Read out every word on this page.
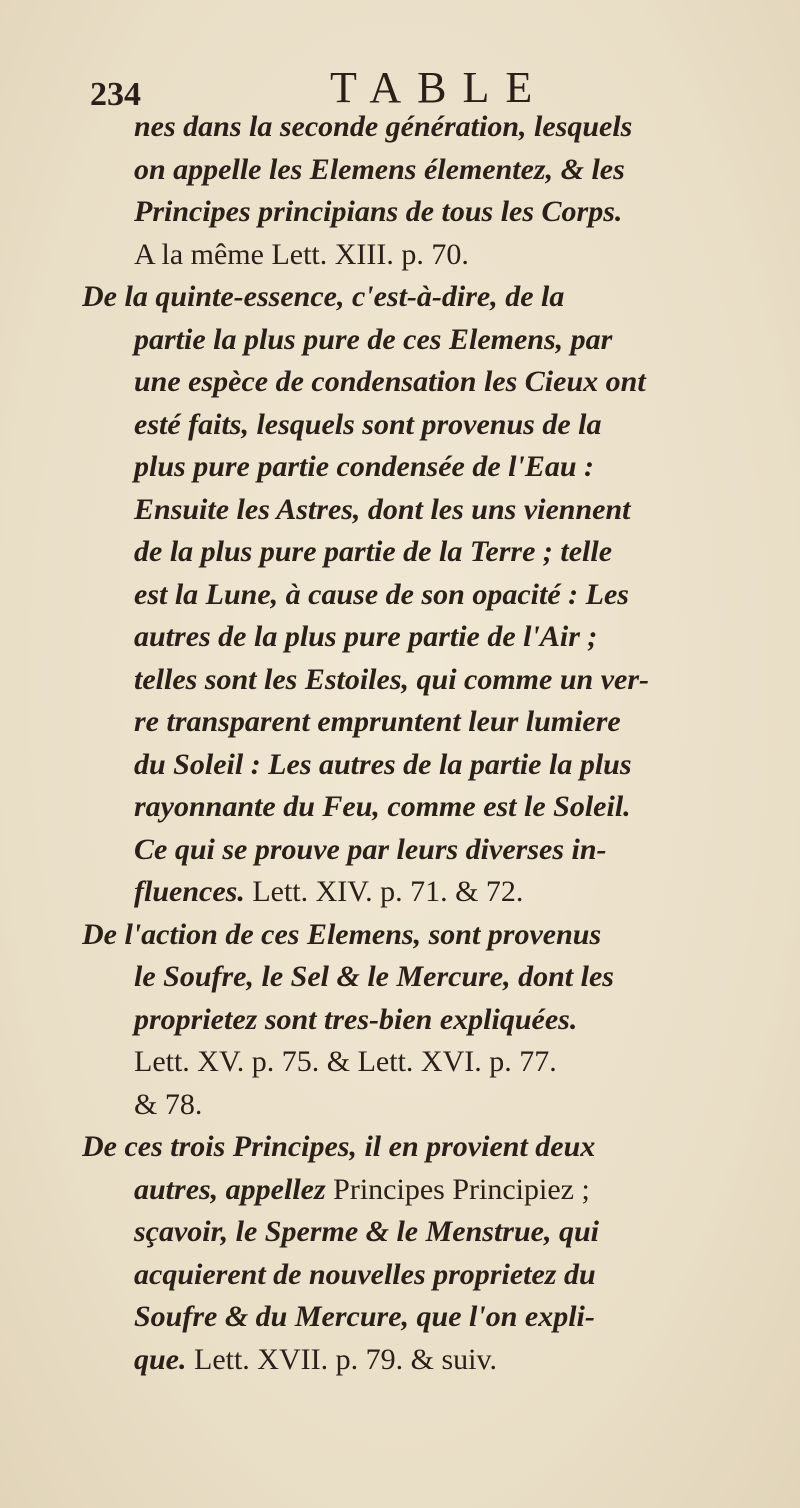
234	TABLE
nes dans la seconde génération, lesquels
on appelle les Elemens élementez, & les
Principes principians de tous les Corps.
A la même Lett. XIII. p. 70.
De la quinte-essence, c'est-à-dire, de la
partie la plus pure de ces Elemens, par
une espèce de condensation les Cieux ont
esté faits, lesquels sont provenus de la
plus pure partie condensée de l'Eau :
Ensuite les Astres, dont les uns viennent
de la plus pure partie de la Terre ; telle
est la Lune, à cause de son opacité : Les
autres de la plus pure partie de l'Air ;
telles sont les Estoiles, qui comme un ver-
re transparent empruntent leur lumiere
du Soleil : Les autres de la partie la plus
rayonnante du Feu, comme est le Soleil.
Ce qui se prouve par leurs diverses in-
fluences. Lett. XIV. p. 71. & 72.
De l'action de ces Elemens, sont provenus
le Soufre, le Sel & le Mercure, dont les
proprietez sont tres-bien expliquées.
Lett. XV. p. 75. & Lett. XVI. p. 77.
& 78.
De ces trois Principes, il en provient deux
autres, appellez Principes Principiez ;
sçavoir, le Sperme & le Menstrue, qui
acquierent de nouvelles proprietez du
Soufre & du Mercure, que l'on expli-
que. Lett. XVII. p. 79. & suiv.
